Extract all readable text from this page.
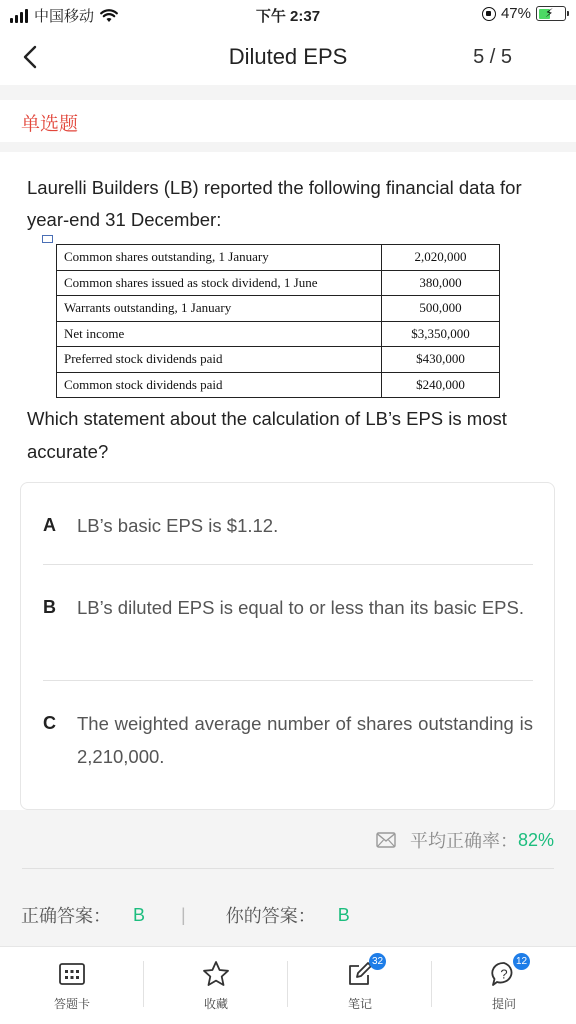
中国移动	下午 2:37	47% ⚡
Diluted EPS	5 / 5
单选题
Laurelli Builders (LB) reported the following financial data for year-end 31 December:
Common shares outstanding, 1 January	2,020,000
Common shares issued as stock dividend, 1 June	380,000
Warrants outstanding, 1 January	500,000
Net income	$3,350,000
Preferred stock dividends paid	$430,000
Common stock dividends paid	$240,000
Which statement about the calculation of LB’s EPS is most accurate?
A	LB’s basic EPS is $1.12.
B	LB’s diluted EPS is equal to or less than its basic EPS.
C	The weighted average number of shares outstanding is 2,210,000.
平均正确率： 82%
正确答案： B | 你的答案： B
答题卡	收藏
32
笔记
?
12
提问
